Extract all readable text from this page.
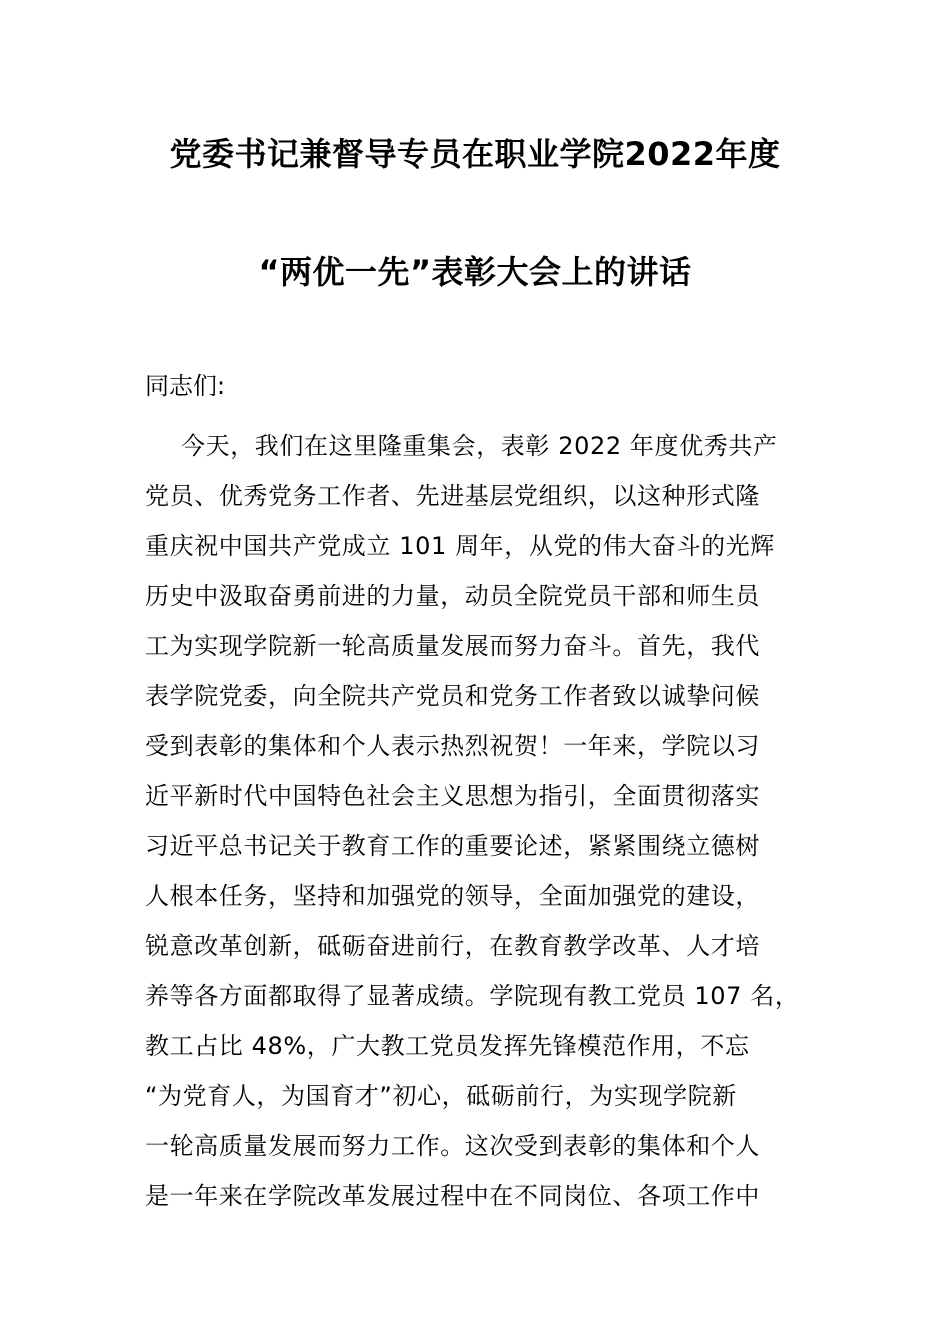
党委书记兼督导专员在职业学院2022年度
“两优一先”表彰大会上的讲话
同志们:
今天，我们在这里隆重集会，表彰 2022 年度优秀共产
党员、优秀党务工作者、先进基层党组织，以这种形式隆
重庆祝中国共产党成立 101 周年，从党的伟大奋斗的光辉
历史中汲取奋勇前进的力量，动员全院党员干部和师生员
工为实现学院新一轮高质量发展而努力奋斗。首先，我代
表学院党委，向全院共产党员和党务工作者致以诚挚问候
受到表彰的集体和个人表示热烈祝贺！一年来，学院以习
近平新时代中国特色社会主义思想为指引，全面贯彻落实
习近平总书记关于教育工作的重要论述，紧紧围绕立德树
人根本任务，坚持和加强党的领导，全面加强党的建设，
锐意改革创新，砥砺奋进前行，在教育教学改革、人才培
养等各方面都取得了显著成绩。学院现有教工党员 107 名，
教工占比 48%，广大教工党员发挥先锋模范作用，不忘
“为党育人，为国育才”初心，砥砺前行，为实现学院新
一轮高质量发展而努力工作。这次受到表彰的集体和个人
是一年来在学院改革发展过程中在不同岗位、各项工作中
